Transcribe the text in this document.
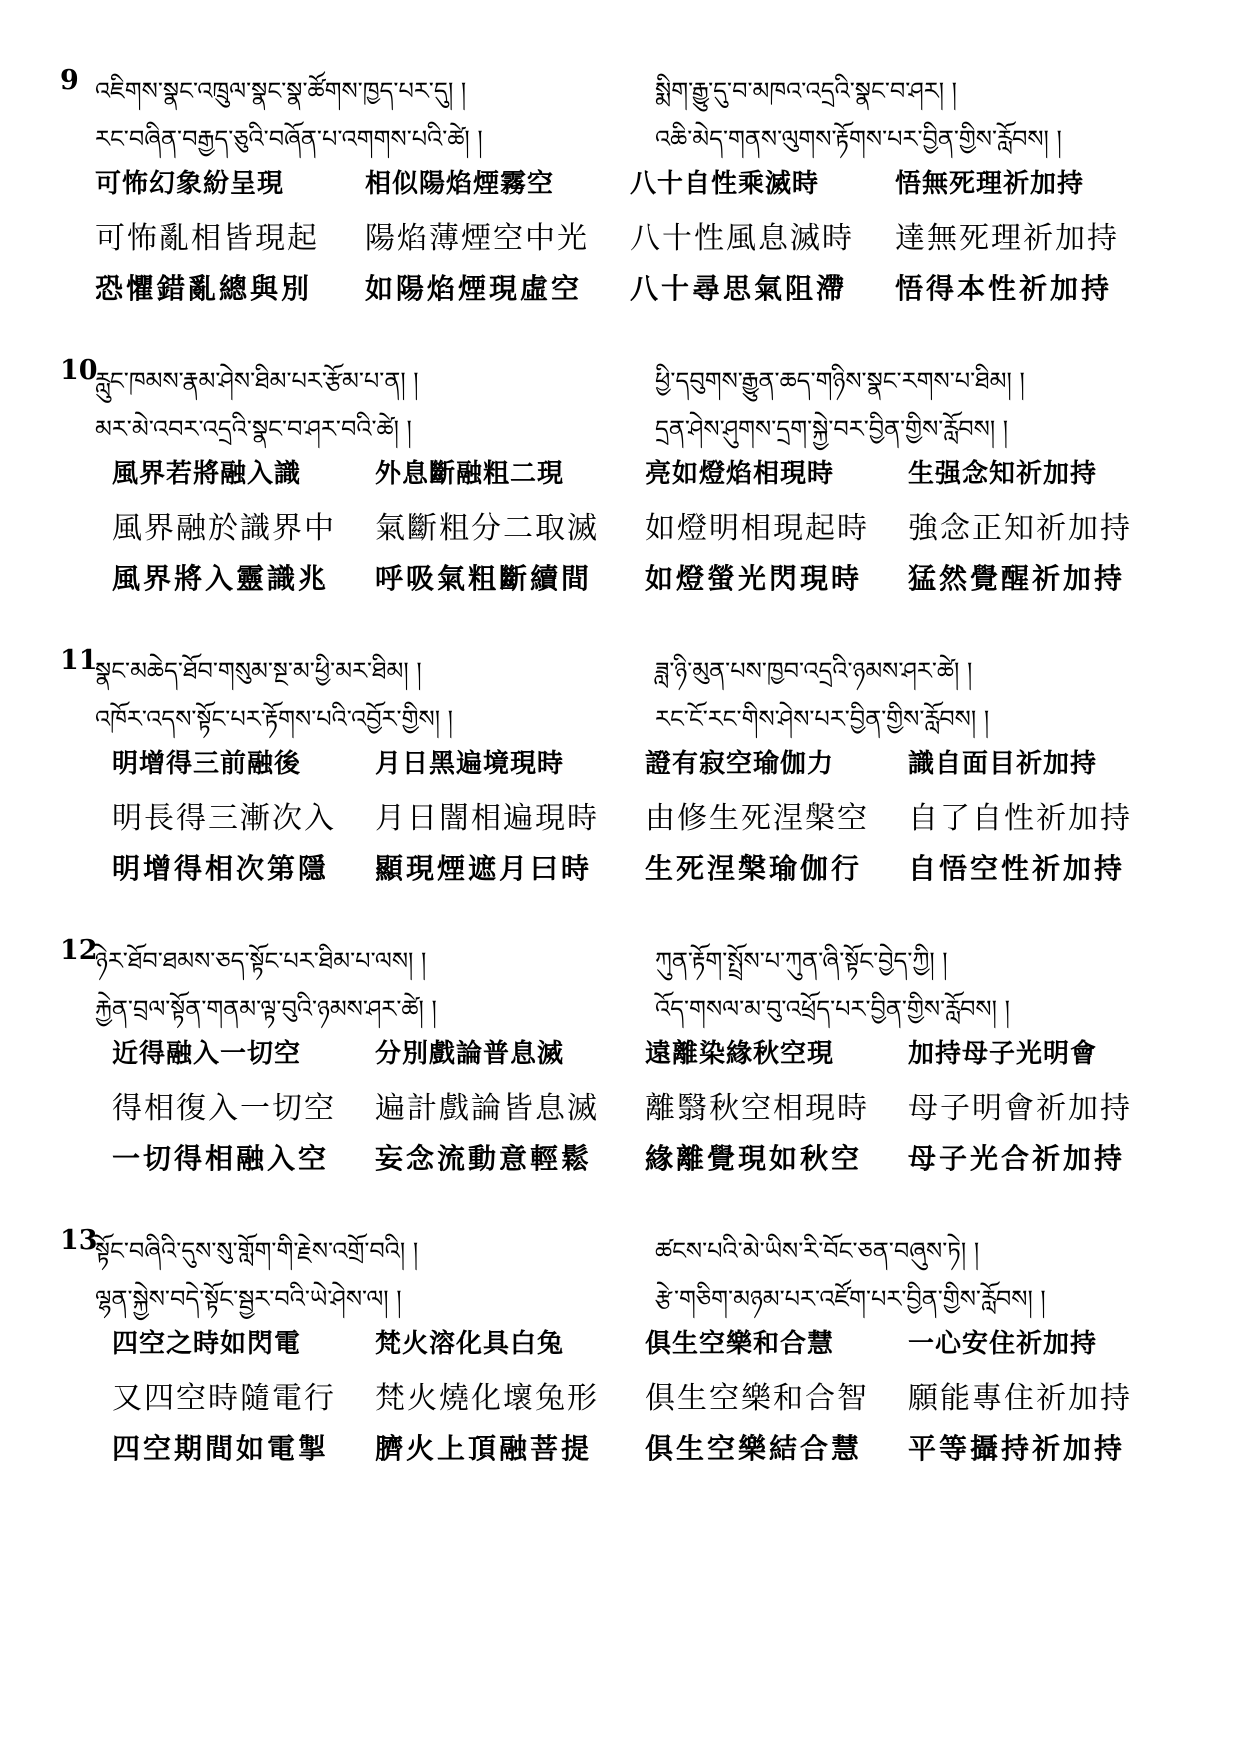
9 འཇིགས་སྣང་འཁྲུལ་སྣང་སྣ་ཚོགས་ཁྱད་པར་དུ། །	སྨིག་རྒྱུ་དུ་བ་མཁའ་འདྲའི་སྣང་བ་ཤར། །
རང་བཞིན་བརྒྱད་ཅུའི་བཞོན་པ་འགགས་པའི་ཚེ། །	འཆི་མེད་གནས་ལུགས་རྟོགས་པར་བྱིན་གྱིས་རློབས། །
可怖幻象紛呈現	相似陽焰煙霧空	八十自性乘滅時	悟無死理祈加持
可怖亂相皆現起 陽焰薄煙空中光 八十性風息滅時 達無死理祈加持
恐懼錯亂總與別 如陽焰煙現虛空 八十尋思氣阻滯 悟得本性祈加持
10
རླུང་ཁམས་རྣམ་ཤེས་ཐིམ་པར་རྩོམ་པ་ན། །	ཕྱི་དབུགས་རྒྱུན་ཆད་གཉིས་སྣང་རགས་པ་ཐིམ། །
མར་མེ་འབར་འདྲའི་སྣང་བ་ཤར་བའི་ཚེ། །	དྲན་ཤེས་ཤུགས་དྲག་སྐྱེ་བར་བྱིན་གྱིས་རློབས། །
風界若將融入識	外息斷融粗二現	亮如燈焰相現時	生强念知祈加持
風界融於識界中 氣斷粗分二取滅 如燈明相現起時 強念正知祈加持
風界將入靈識兆 呼吸氣粗斷續間 如燈螢光閃現時 猛然覺醒祈加持
11
སྣང་མཆེད་ཐོབ་གསུམ་སྔ་མ་ཕྱི་མར་ཐིམ། །	ཟླ་ཉི་མུན་པས་ཁྱབ་འདྲའི་ཉམས་ཤར་ཚེ། །
འཁོར་འདས་སྟོང་པར་རྟོགས་པའི་འབྱོར་གྱིས། །	རང་ངོ་རང་གིས་ཤེས་པར་བྱིན་གྱིས་རློབས། །
明增得三前融後	月日黑遍境現時	證有寂空瑜伽力	識自面目祈加持
明長得三漸次入 月日闇相遍現時 由修生死涅槃空 自了自性祈加持
明增得相次第隱 顯現煙遮月曰時 生死涅槃瑜伽行 自悟空性祈加持
12
ཉེར་ཐོབ་ཐམས་ཅད་སྟོང་པར་ཐིམ་པ་ལས། །	ཀུན་རྟོག་སྤྲོས་པ་ཀུན་ཞི་སྟོང་བྱེད་ཀྱི། །
རྐྱེན་བྲལ་སྟོན་གནམ་ལྟ་བུའི་ཉམས་ཤར་ཚེ། །	འོད་གསལ་མ་བུ་འཕྲོད་པར་བྱིན་གྱིས་རློབས། །
近得融入一切空	分別戲論普息滅	遠離染緣秋空現	加持母子光明會
得相復入一切空 遍計戲論皆息滅 離翳秋空相現時 母子明會祈加持
一切得相融入空 妄念流動意輕鬆 緣離覺現如秋空 母子光合祈加持
13
སྟོང་བཞིའི་དུས་སུ་གློག་གི་རྗེས་འགྲོ་བའི། །	ཚངས་པའི་མེ་ཡིས་རི་བོང་ཅན་བཞུས་ཏེ། །
ལྷན་སྐྱེས་བདེ་སྟོང་སྦྱར་བའི་ཡེ་ཤེས་ལ། །	རྩེ་གཅིག་མཉམ་པར་འཛོག་པར་བྱིན་གྱིས་རློབས། །
四空之時如閃電	梵火溶化具白兔	俱生空樂和合慧	一心安住祈加持
又四空時隨電行 梵火燒化壞兔形 俱生空樂和合智 願能專住祈加持
四空期間如電掣 臍火上頂融菩提 俱生空樂結合慧 平等攝持祈加持
